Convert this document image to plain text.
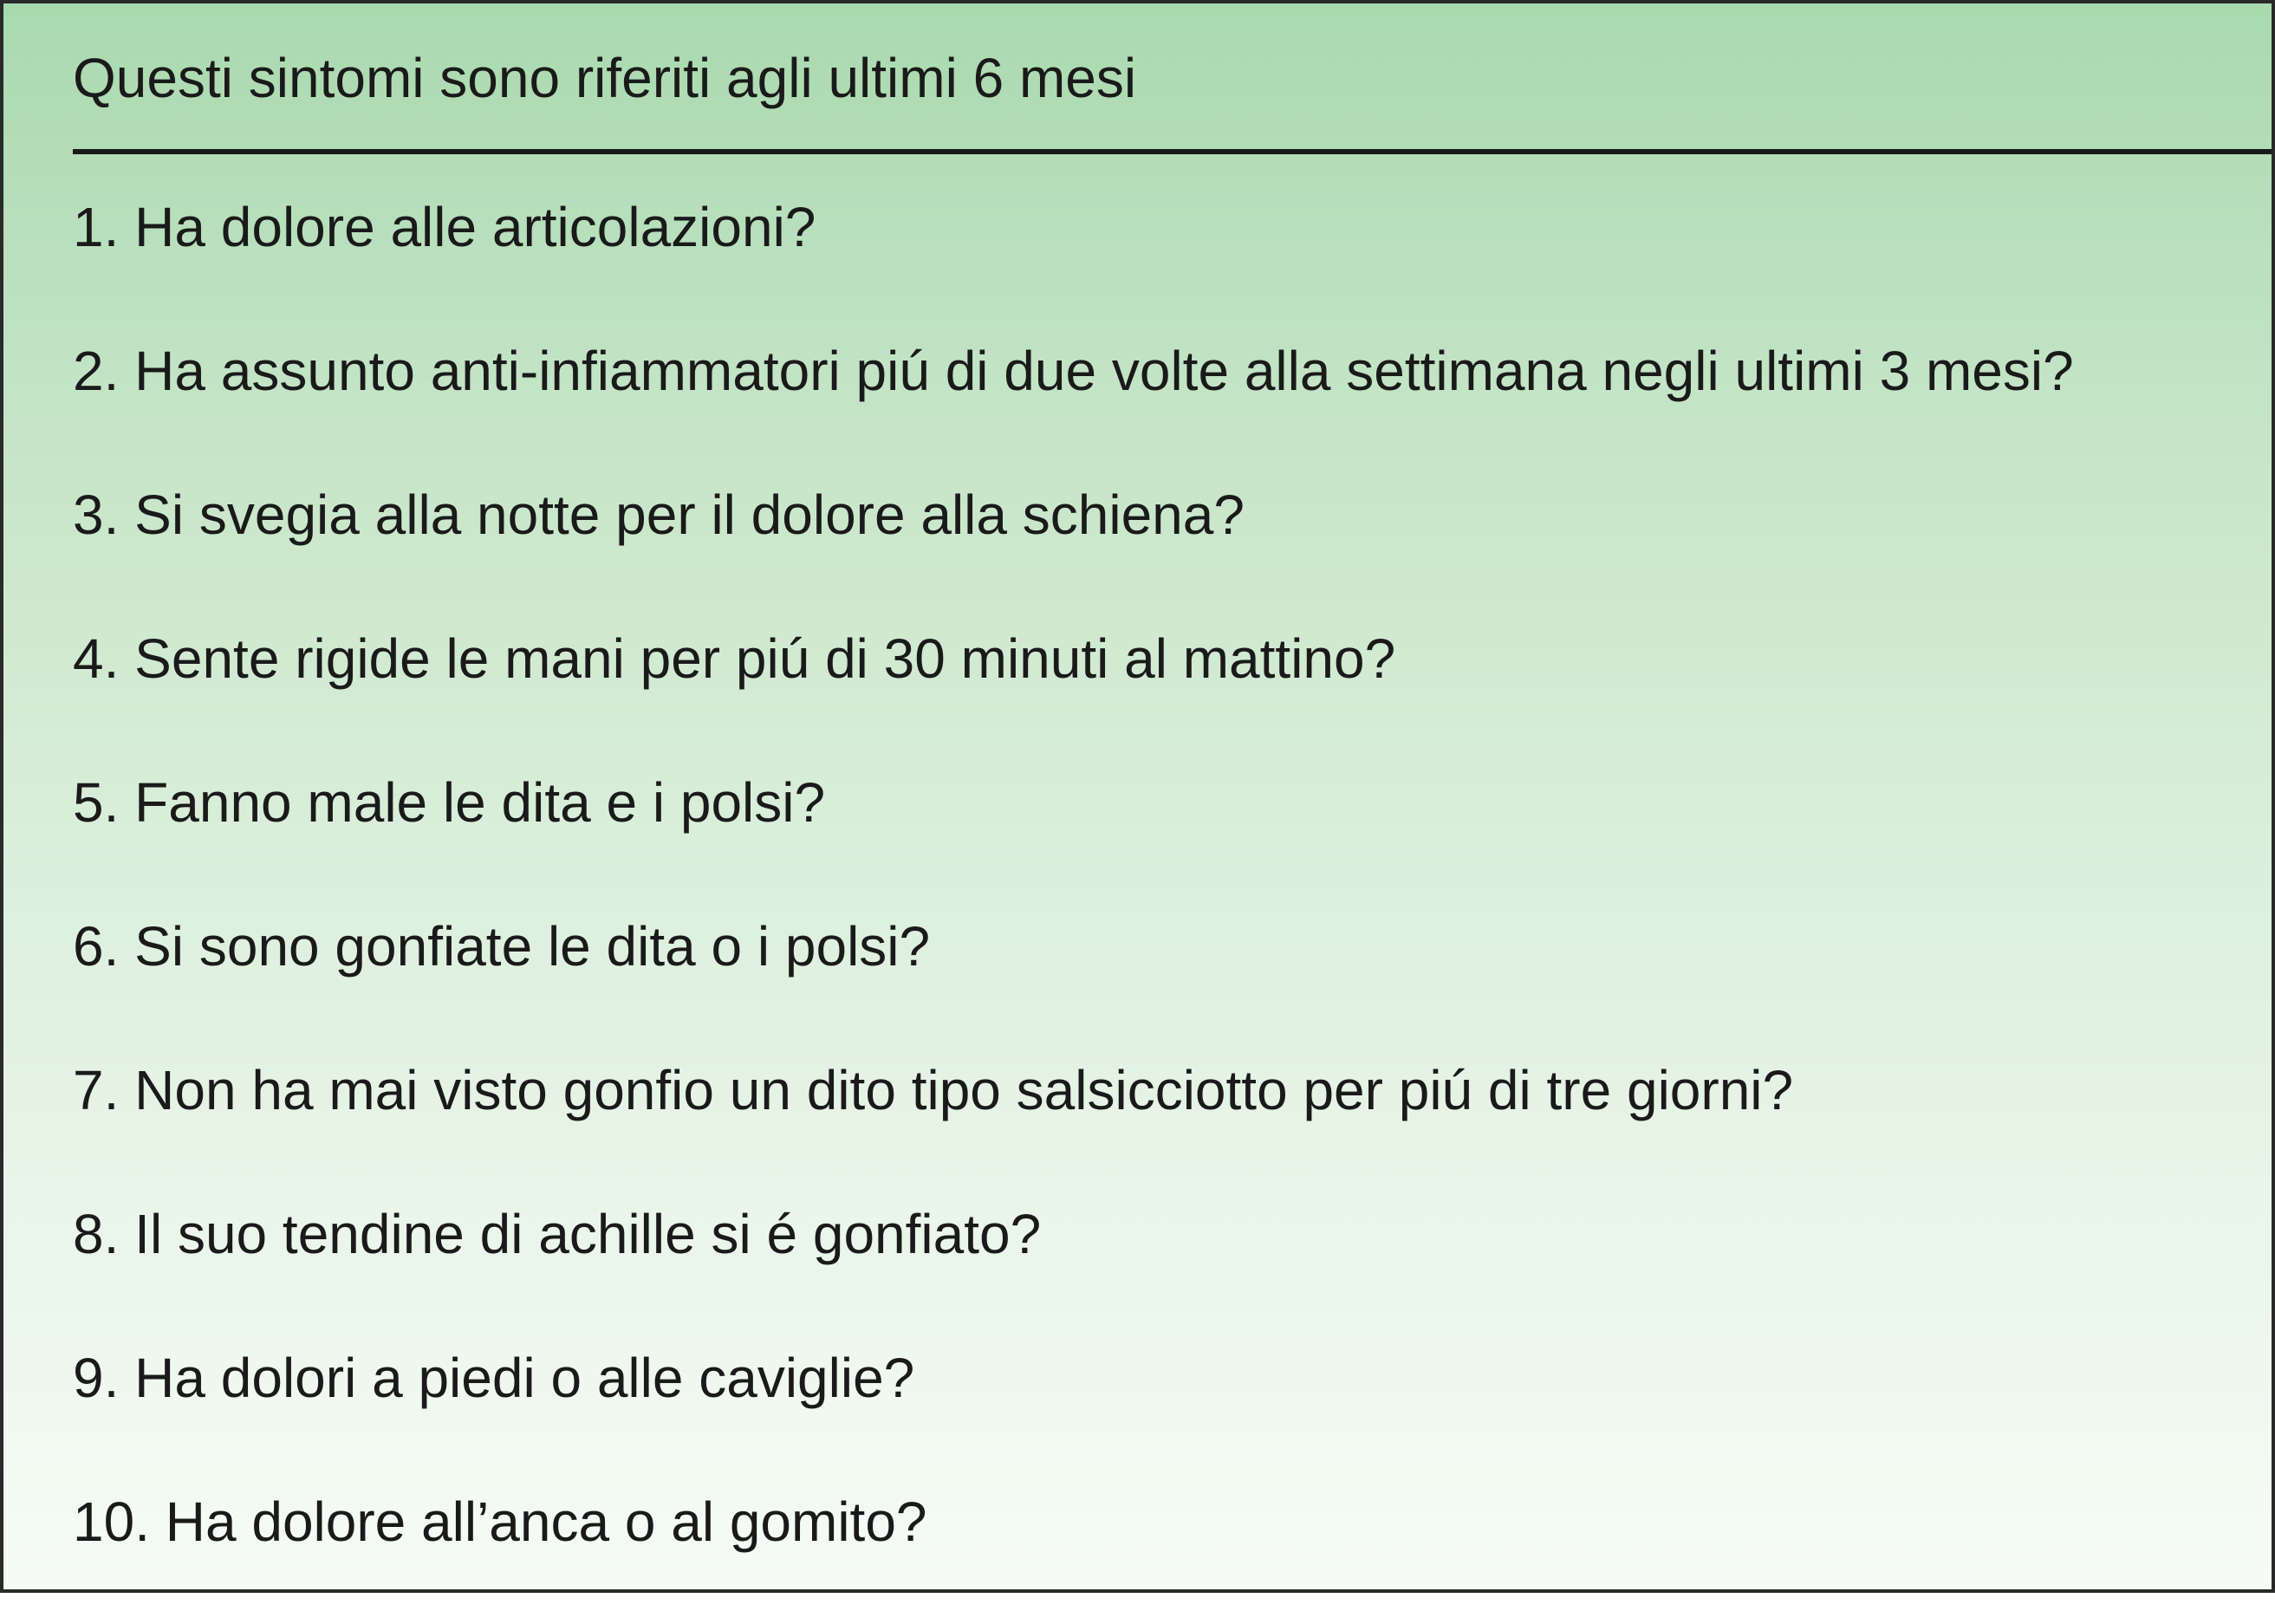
Questi sintomi sono riferiti agli ultimi 6 mesi
1. Ha dolore alle articolazioni?
2. Ha assunto anti-infiammatori piú di due volte alla settimana negli ultimi 3 mesi?
3. Si svegia alla notte per il dolore alla schiena?
4. Sente rigide le mani per piú di 30 minuti al mattino?
5. Fanno male le dita e i polsi?
6. Si sono gonfiate le dita o i polsi?
7. Non ha mai visto gonfio un dito tipo salsicciotto per piú di tre giorni?
8. Il suo tendine di achille si é gonfiato?
9. Ha dolori a piedi o alle caviglie?
10. Ha dolore all’anca o al gomito?
